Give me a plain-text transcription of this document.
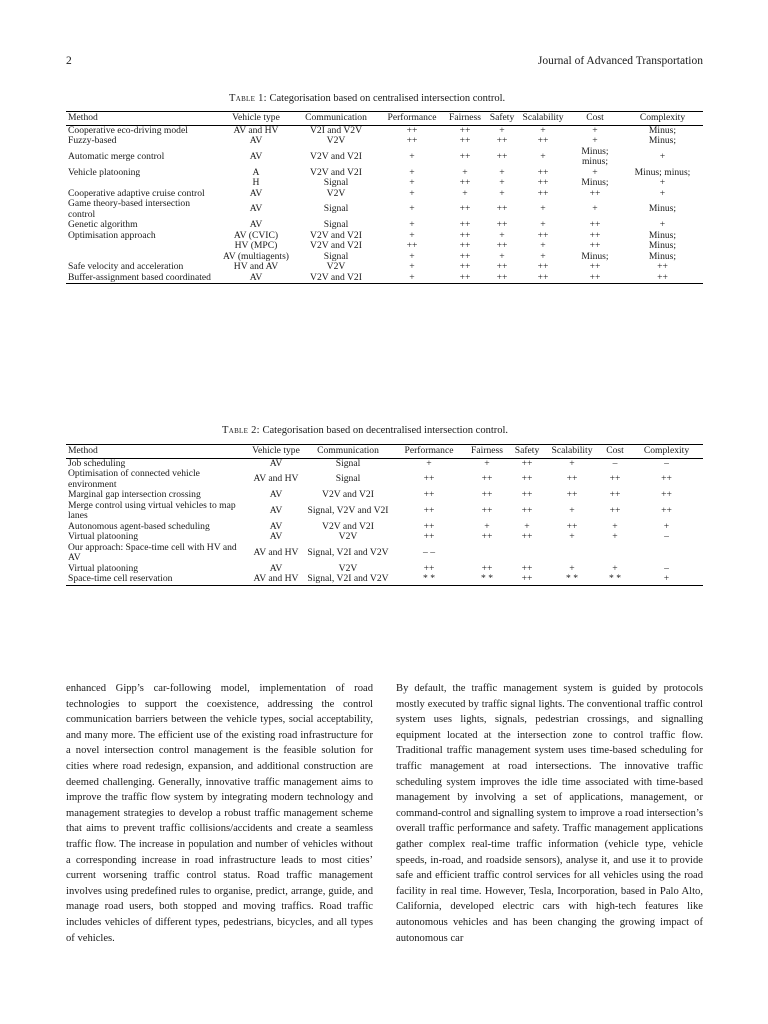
2	Journal of Advanced Transportation
Table 1: Categorisation based on centralised intersection control.
Method	Vehicle type	Communication	Performance	Fairness	Safety	Scalability	Cost	Complexity
Cooperative eco-driving model	AV and HV	V2I and V2V	++	++	+	+	+	Minus;
Fuzzy-based	AV	V2V	++	++	++	++	+	Minus;
Automatic merge control	AV	V2V and V2I	+	++	++	+	Minus; minus;	+
Vehicle platooning	A	V2V and V2I	+	+	+	++	+	Minus; minus;
	H	Signal	+	++	+	++	Minus;	+
Cooperative adaptive cruise control	AV	V2V	+	+	+	++	++	+
Game theory-based intersection control	AV	Signal	+	++	++	+	+	Minus;
Genetic algorithm	AV	Signal	+	++	++	+	++	+
Optimisation approach	AV (CVIC)	V2V and V2I	+	++	+	++	++	Minus;
	HV (MPC)	V2V and V2I	++	++	++	+	++	Minus;
	AV (multiagents)	Signal	+	++	+	+	Minus;	Minus;
Safe velocity and acceleration	HV and AV	V2V	+	++	++	++	++	++
Buffer-assignment based coordinated	AV	V2V and V2I	+	++	++	++	++	++
Table 2: Categorisation based on decentralised intersection control.
Method	Vehicle type	Communication	Performance	Fairness	Safety	Scalability	Cost	Complexity
Job scheduling	AV	Signal	+	+	++	+	–	–
Optimisation of connected vehicle environment	AV and HV	Signal	++	++	++	++	++	++
Marginal gap intersection crossing	AV	V2V and V2I	++	++	++	++	++	++
Merge control using virtual vehicles to map lanes	AV	Signal, V2V and V2I	++	++	++	+	++	++
Autonomous agent-based scheduling	AV	V2V and V2I	++	+	+	++	+	+
Virtual platooning	AV	V2V	++	++	++	+	+	–
Our approach: Space-time cell with HV and AV	AV and HV	Signal, V2I and V2V	– –					
Virtual platooning	AV	V2V	++	++	++	+	+	–
Space-time cell reservation	AV and HV	Signal, V2I and V2V	* *	* *	++	* *	* *	+
enhanced Gipp’s car-following model, implementation of road technologies to support the coexistence, addressing the control communication barriers between the vehicle types, social acceptability, and many more. The efficient use of the existing road infrastructure for a novel intersection control management is the feasible solution for cities where road redesign, expansion, and additional construction are deemed challenging. Generally, innovative traffic management aims to improve the traffic flow system by integrating modern technology and management strategies to develop a robust traffic management scheme that aims to prevent traffic collisions/accidents and create a seamless traffic flow. The increase in population and number of vehicles without a corresponding increase in road infrastructure leads to most cities’ current worsening traffic control status. Road traffic management involves using predefined rules to organise, predict, arrange, guide, and manage road users, both stopped and moving traffics. Road traffic includes vehicles of different types, pedestrians, bicycles, and all types of vehicles.
By default, the traffic management system is guided by protocols mostly executed by traffic signal lights. The conventional traffic control system uses lights, signals, pedestrian crossings, and signalling equipment located at the intersection zone to control traffic flow. Traditional traffic management system uses time-based scheduling for traffic management at road intersections. The innovative traffic scheduling system improves the idle time associated with time-based management by involving a set of applications, management, or command-control and signalling system to improve a road intersection’s overall traffic performance and safety. Traffic management applications gather complex real-time traffic information (vehicle type, vehicle speeds, in-road, and roadside sensors), analyse it, and use it to provide safe and efficient traffic control services for all vehicles using the road facility in real time. However, Tesla, Incorporation, based in Palo Alto, California, developed electric cars with high-tech features like autonomous vehicles and has been changing the growing impact of autonomous car
